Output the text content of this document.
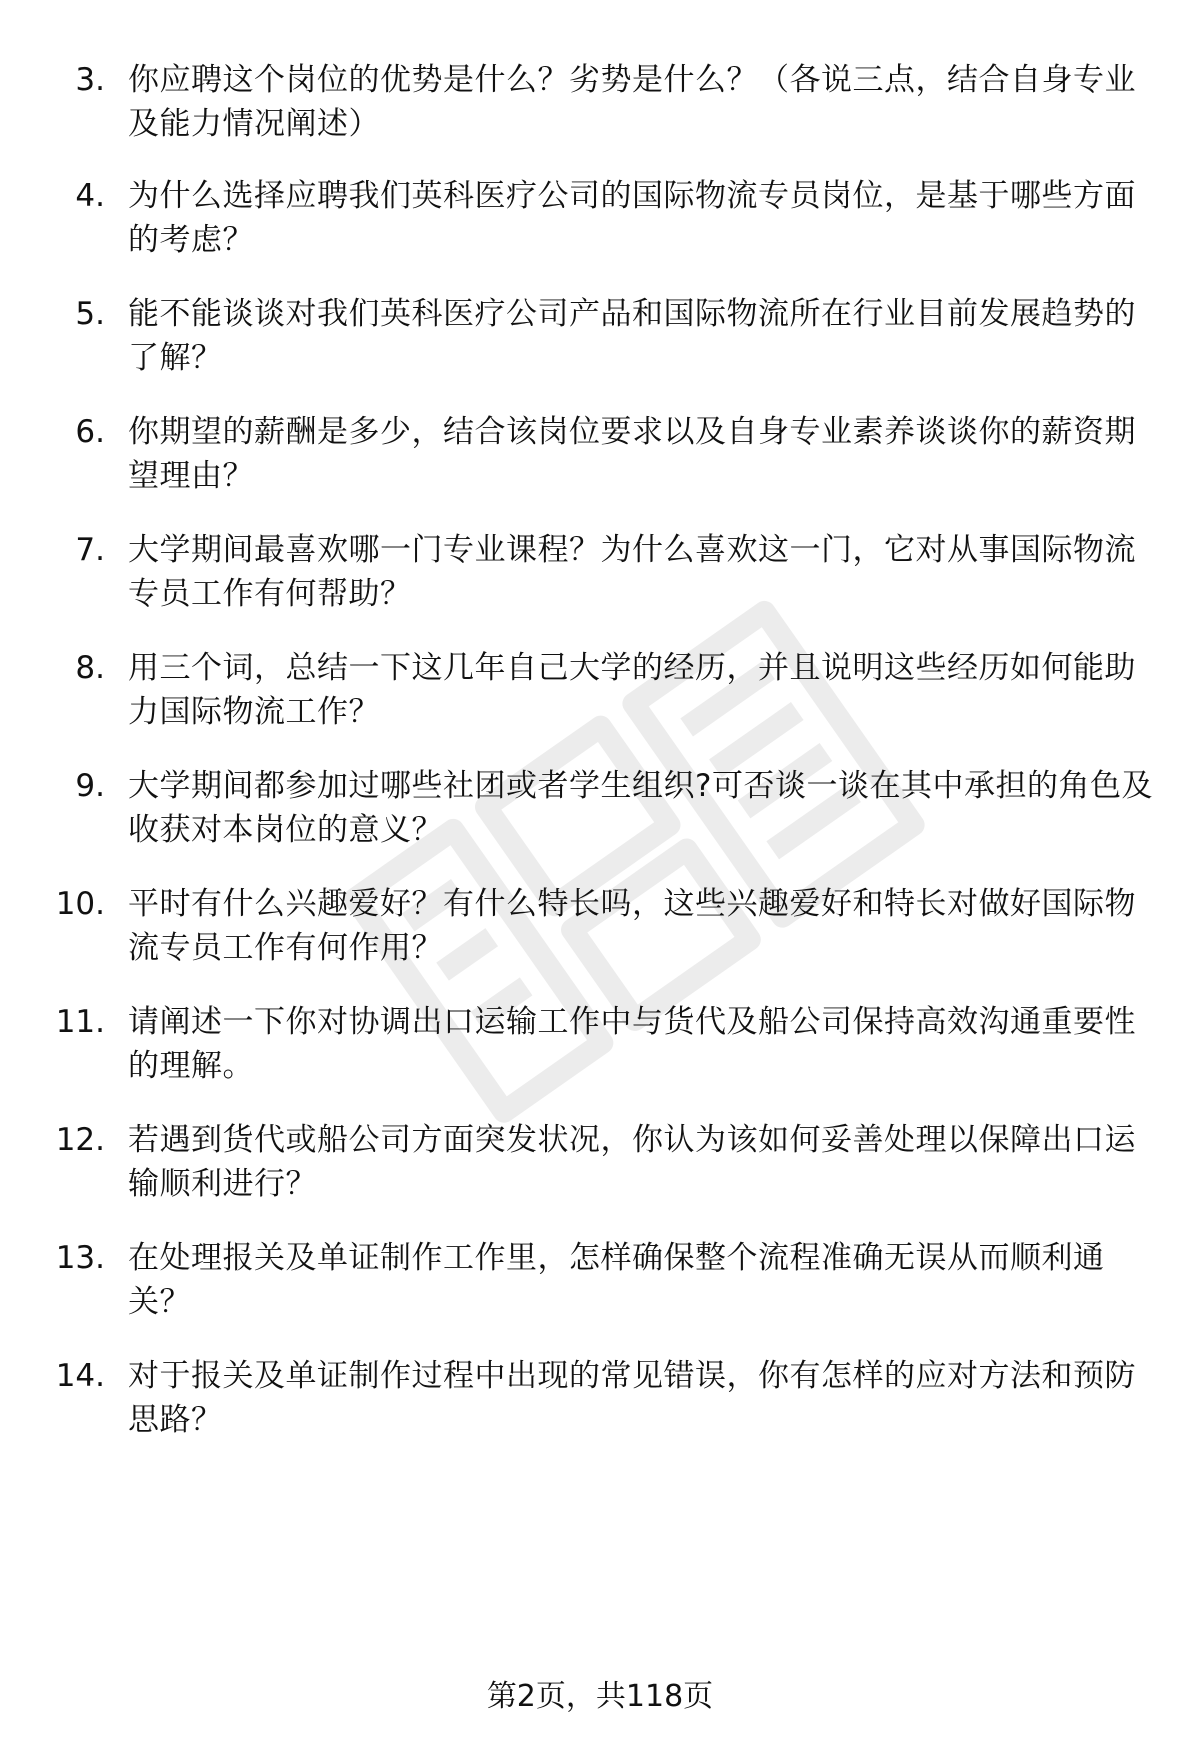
3. 你应聘这个岗位的优势是什么？劣势是什么？（各说三点，结合自身专业及能力情况阐述）
4. 为什么选择应聘我们英科医疗公司的国际物流专员岗位，是基于哪些方面的考虑？
5. 能不能谈谈对我们英科医疗公司产品和国际物流所在行业目前发展趋势的了解？
6. 你期望的薪酬是多少，结合该岗位要求以及自身专业素养谈谈你的薪资期望理由？
7. 大学期间最喜欢哪一门专业课程？为什么喜欢这一门，它对从事国际物流专员工作有何帮助？
8. 用三个词，总结一下这几年自己大学的经历，并且说明这些经历如何能助力国际物流工作？
9. 大学期间都参加过哪些社团或者学生组织?可否谈一谈在其中承担的角色及收获对本岗位的意义？
10. 平时有什么兴趣爱好？有什么特长吗，这些兴趣爱好和特长对做好国际物流专员工作有何作用？
11. 请阐述一下你对协调出口运输工作中与货代及船公司保持高效沟通重要性的理解。
12. 若遇到货代或船公司方面突发状况，你认为该如何妥善处理以保障出口运输顺利进行？
13. 在处理报关及单证制作工作里，怎样确保整个流程准确无误从而顺利通关？
14. 对于报关及单证制作过程中出现的常见错误，你有怎样的应对方法和预防思路？
第2页，共118页
